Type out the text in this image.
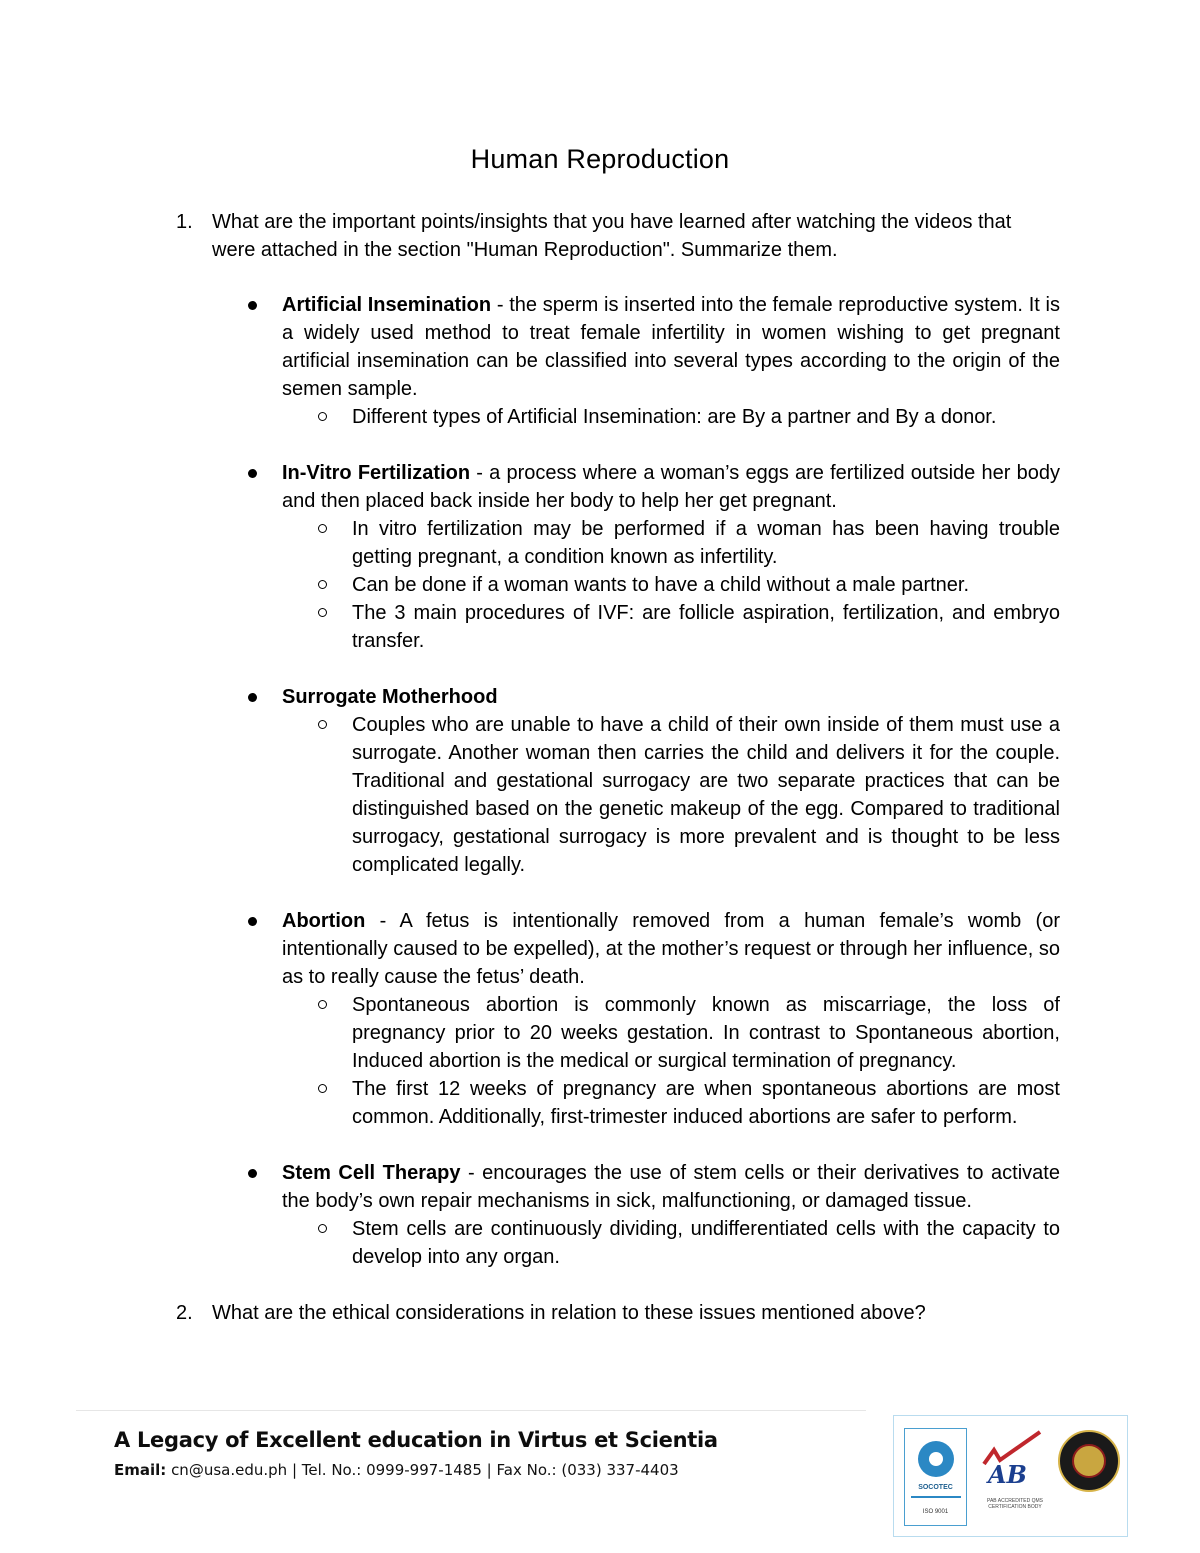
Human Reproduction
1. What are the important points/insights that you have learned after watching the videos that were attached in the section "Human Reproduction". Summarize them.
Artificial Insemination - the sperm is inserted into the female reproductive system. It is a widely used method to treat female infertility in women wishing to get pregnant artificial insemination can be classified into several types according to the origin of the semen sample.
Different types of Artificial Insemination: are By a partner and By a donor.
In-Vitro Fertilization - a process where a woman’s eggs are fertilized outside her body and then placed back inside her body to help her get pregnant.
In vitro fertilization may be performed if a woman has been having trouble getting pregnant, a condition known as infertility.
Can be done if a woman wants to have a child without a male partner.
The 3 main procedures of IVF: are follicle aspiration, fertilization, and embryo transfer.
Surrogate Motherhood
Couples who are unable to have a child of their own inside of them must use a surrogate. Another woman then carries the child and delivers it for the couple. Traditional and gestational surrogacy are two separate practices that can be distinguished based on the genetic makeup of the egg. Compared to traditional surrogacy, gestational surrogacy is more prevalent and is thought to be less complicated legally.
Abortion - A fetus is intentionally removed from a human female’s womb (or intentionally caused to be expelled), at the mother’s request or through her influence, so as to really cause the fetus’ death.
Spontaneous abortion is commonly known as miscarriage, the loss of pregnancy prior to 20 weeks gestation. In contrast to Spontaneous abortion, Induced abortion is the medical or surgical termination of pregnancy.
The first 12 weeks of pregnancy are when spontaneous abortions are most common. Additionally, first-trimester induced abortions are safer to perform.
Stem Cell Therapy - encourages the use of stem cells or their derivatives to activate the body’s own repair mechanisms in sick, malfunctioning, or damaged tissue.
Stem cells are continuously dividing, undifferentiated cells with the capacity to develop into any organ.
2. What are the ethical considerations in relation to these issues mentioned above?
A Legacy of Excellent education in Virtus et Scientia
Email: cn@usa.edu.ph | Tel. No.: 0999-997-1485 | Fax No.: (033) 337-4403
SOCOTEC
ISO 9001
AB
PAB ACCREDITED QMS CERTIFICATION BODY
